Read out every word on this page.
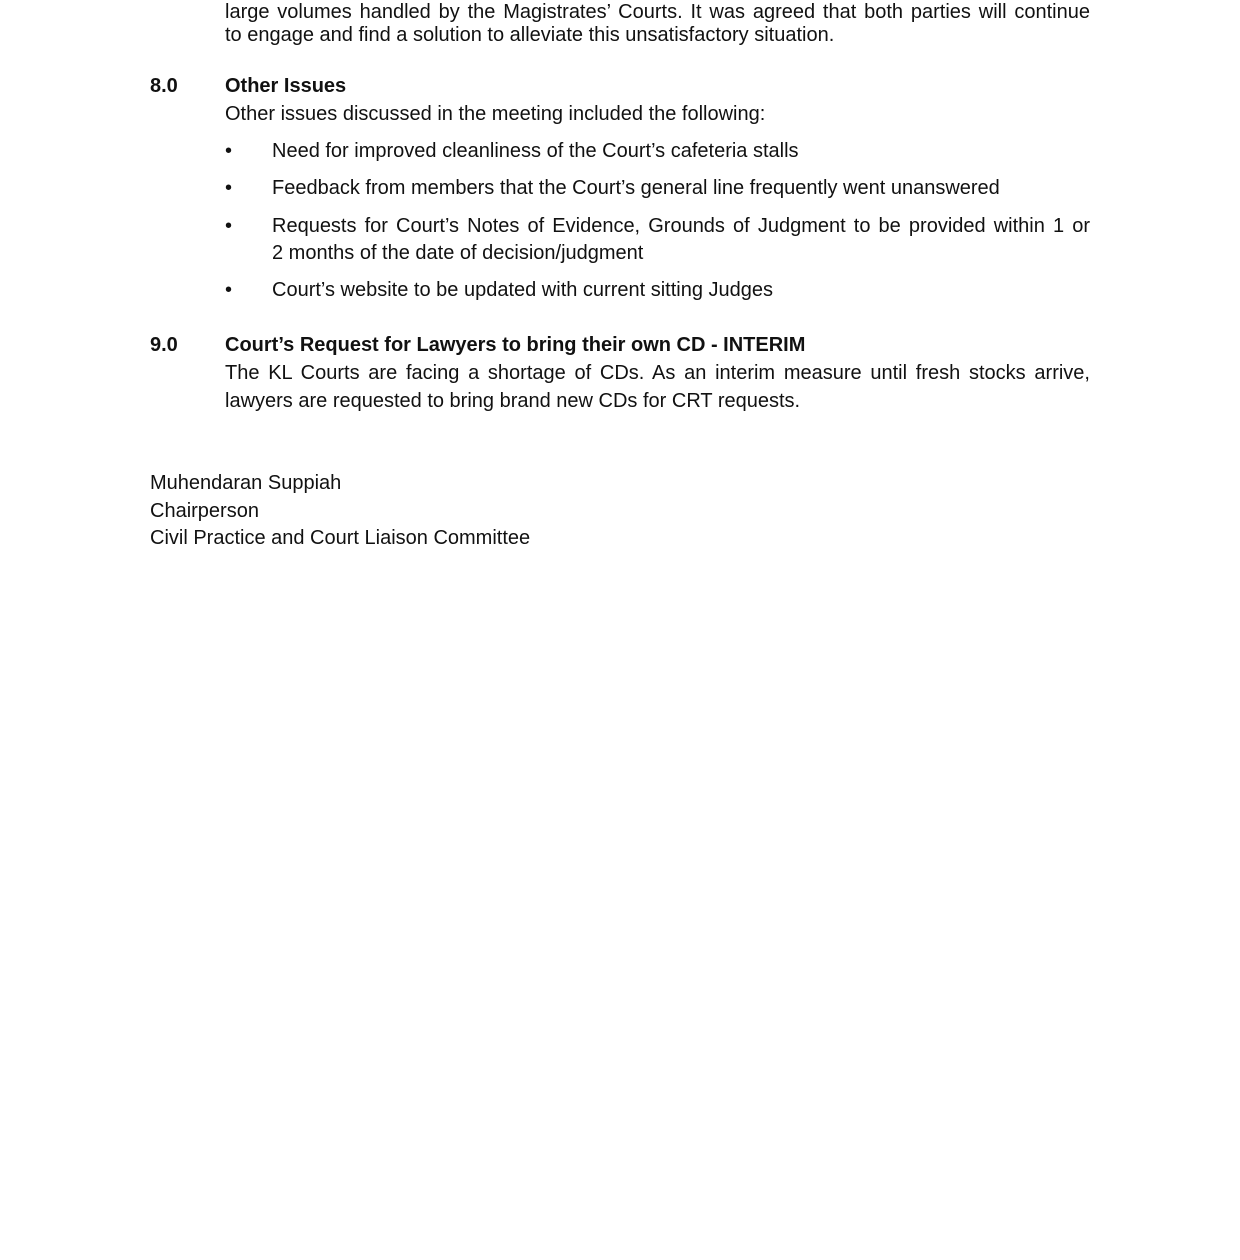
large volumes handled by the Magistrates’ Courts. It was agreed that both parties will continue
to engage and find a solution to alleviate this unsatisfactory situation.
8.0 Other Issues
Other issues discussed in the meeting included the following:
• Need for improved cleanliness of the Court’s cafeteria stalls
• Feedback from members that the Court’s general line frequently went unanswered
• Requests for Court’s Notes of Evidence, Grounds of Judgment to be provided within 1 or
2 months of the date of decision/judgment
• Court’s website to be updated with current sitting Judges
9.0 Court’s Request for Lawyers to bring their own CD - INTERIM
The KL Courts are facing a shortage of CDs. As an interim measure until fresh stocks arrive,
lawyers are requested to bring brand new CDs for CRT requests.
Muhendaran Suppiah
Chairperson
Civil Practice and Court Liaison Committee
